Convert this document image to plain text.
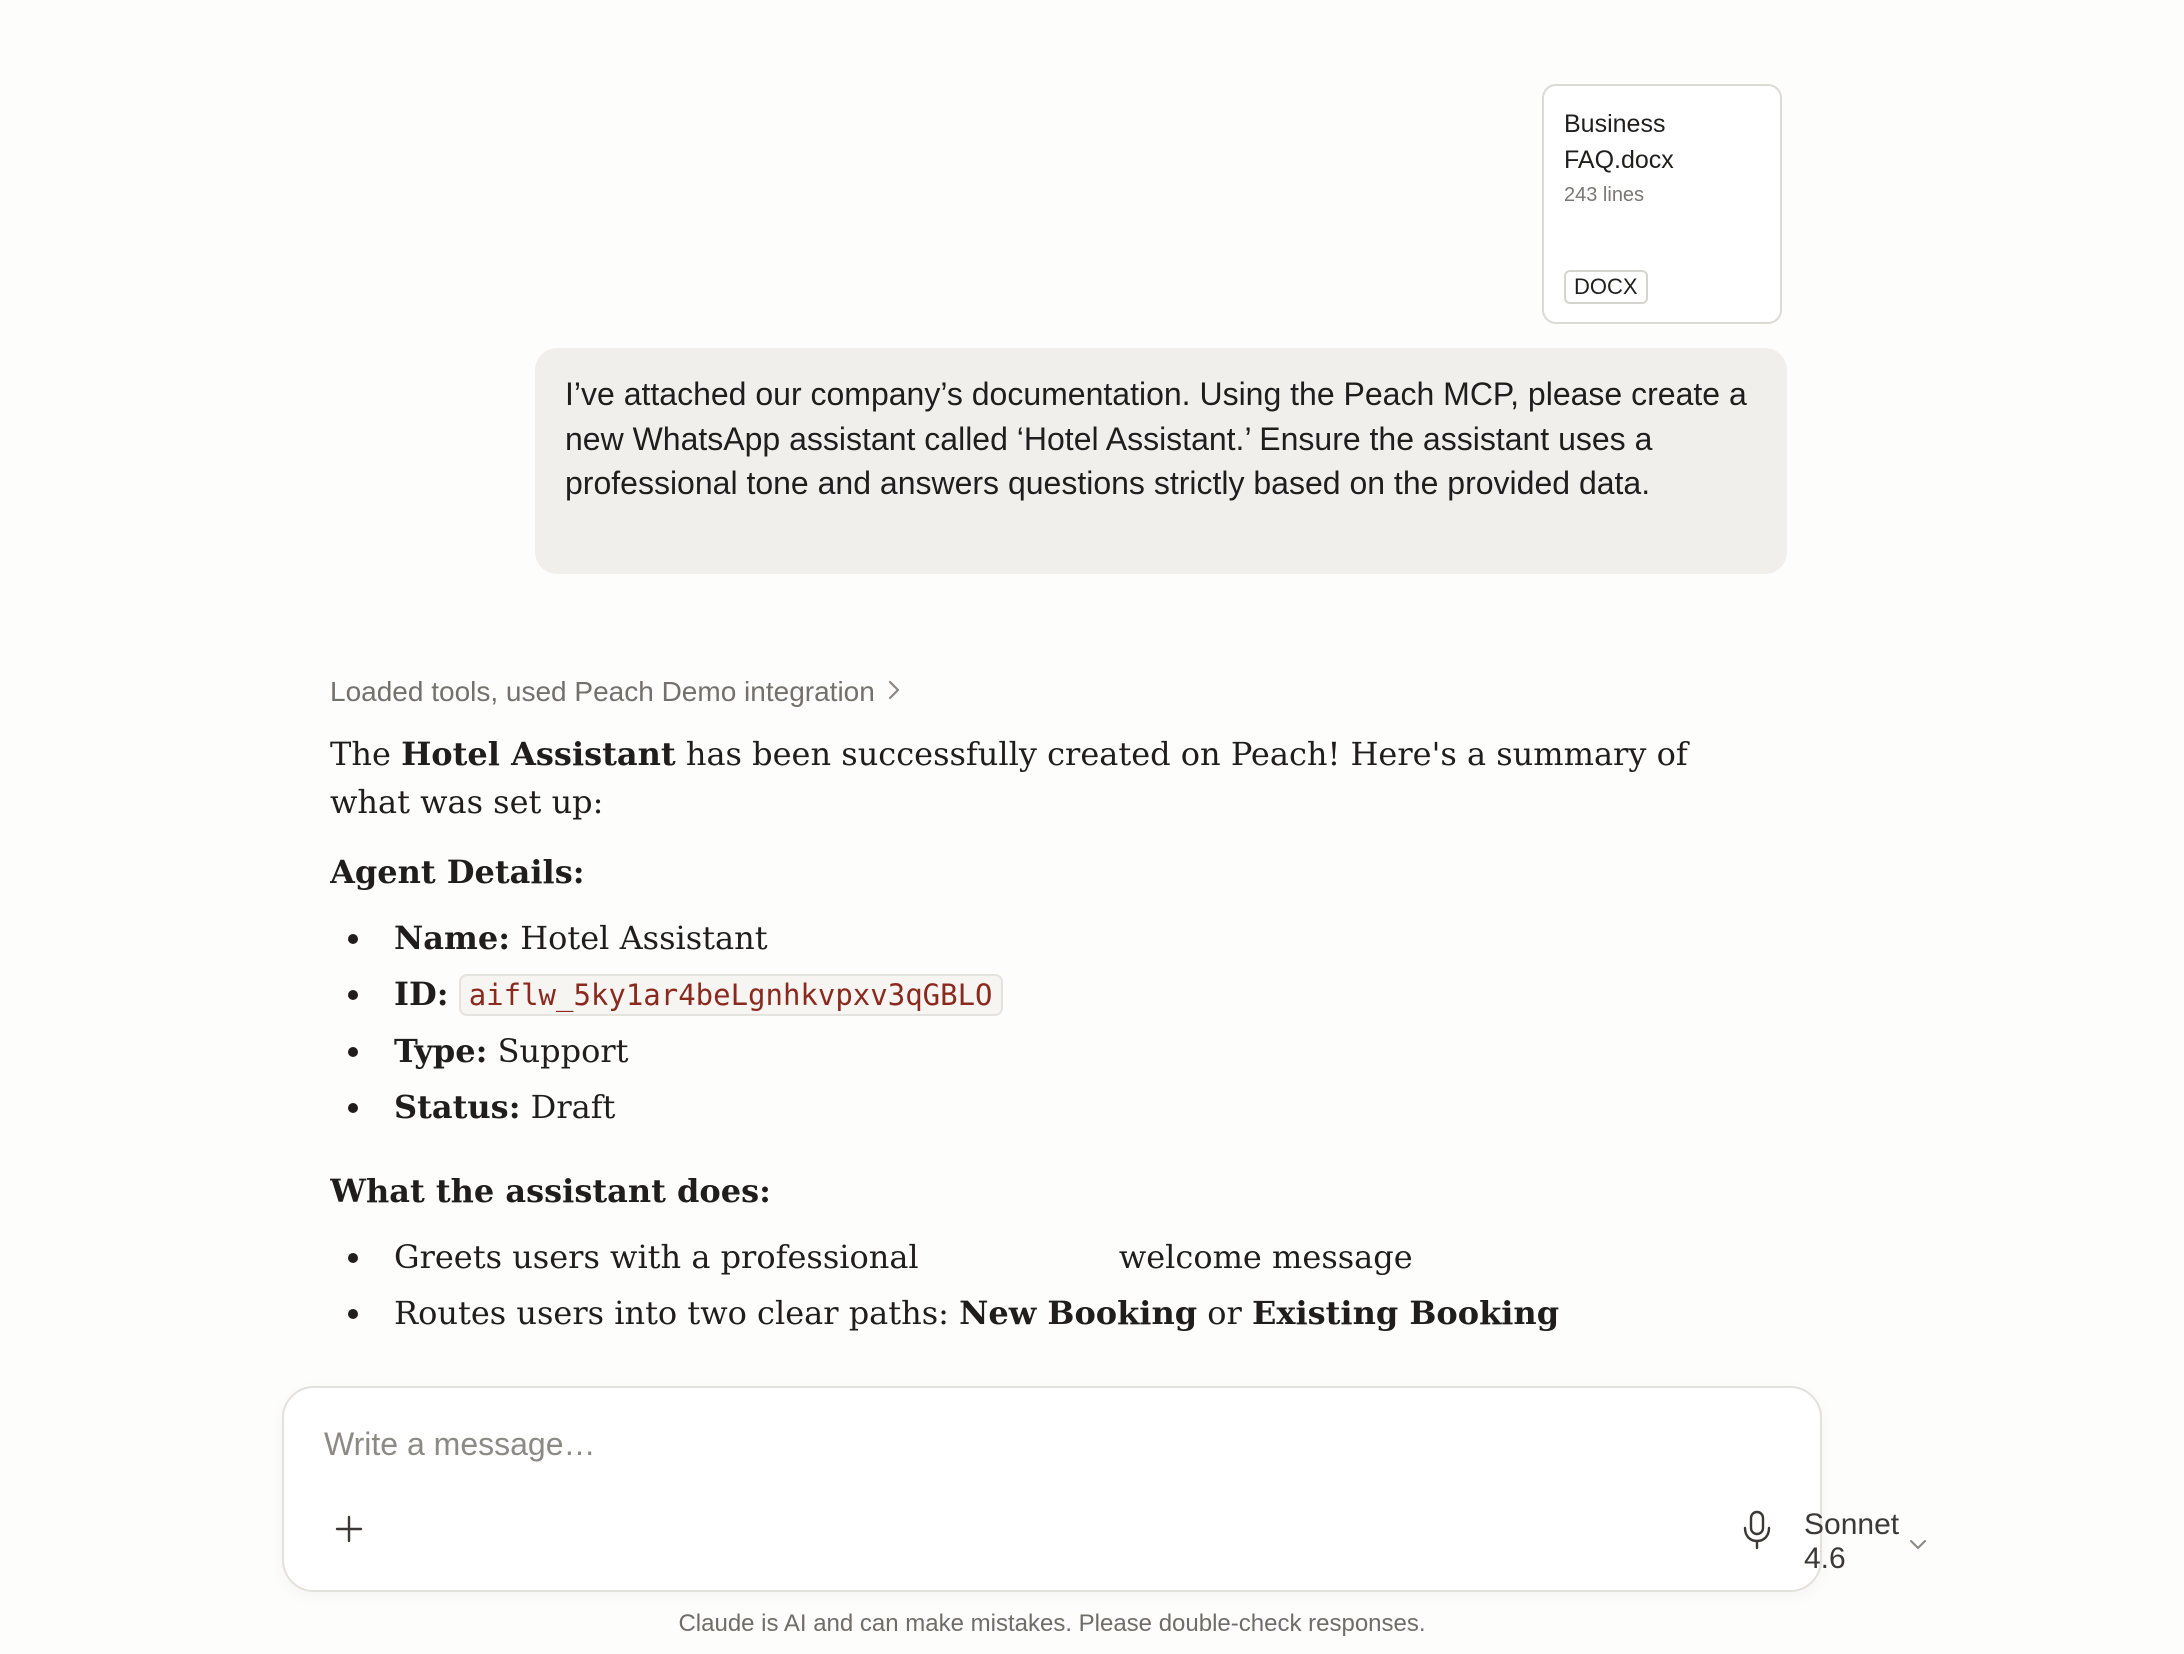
Business FAQ.docx
243 lines
DOCX
I’ve attached our company’s documentation. Using the Peach MCP, please create a new WhatsApp assistant called ‘Hotel Assistant.’ Ensure the assistant uses a professional tone and answers questions strictly based on the provided data.
Loaded tools, used Peach Demo integration

The Hotel Assistant has been successfully created on Peach! Here's a summary of what was set up:

Agent Details:
Name: Hotel Assistant
ID: aiflw_5ky1ar4beLgnhkvpxv3qGBLO
Type: Support
Status: Draft
What the assistant does:
Greets users with a professional	welcome message
Routes users into two clear paths: New Booking or Existing Booking
Write a message…
Sonnet 4.6
Claude is AI and can make mistakes. Please double-check responses.
